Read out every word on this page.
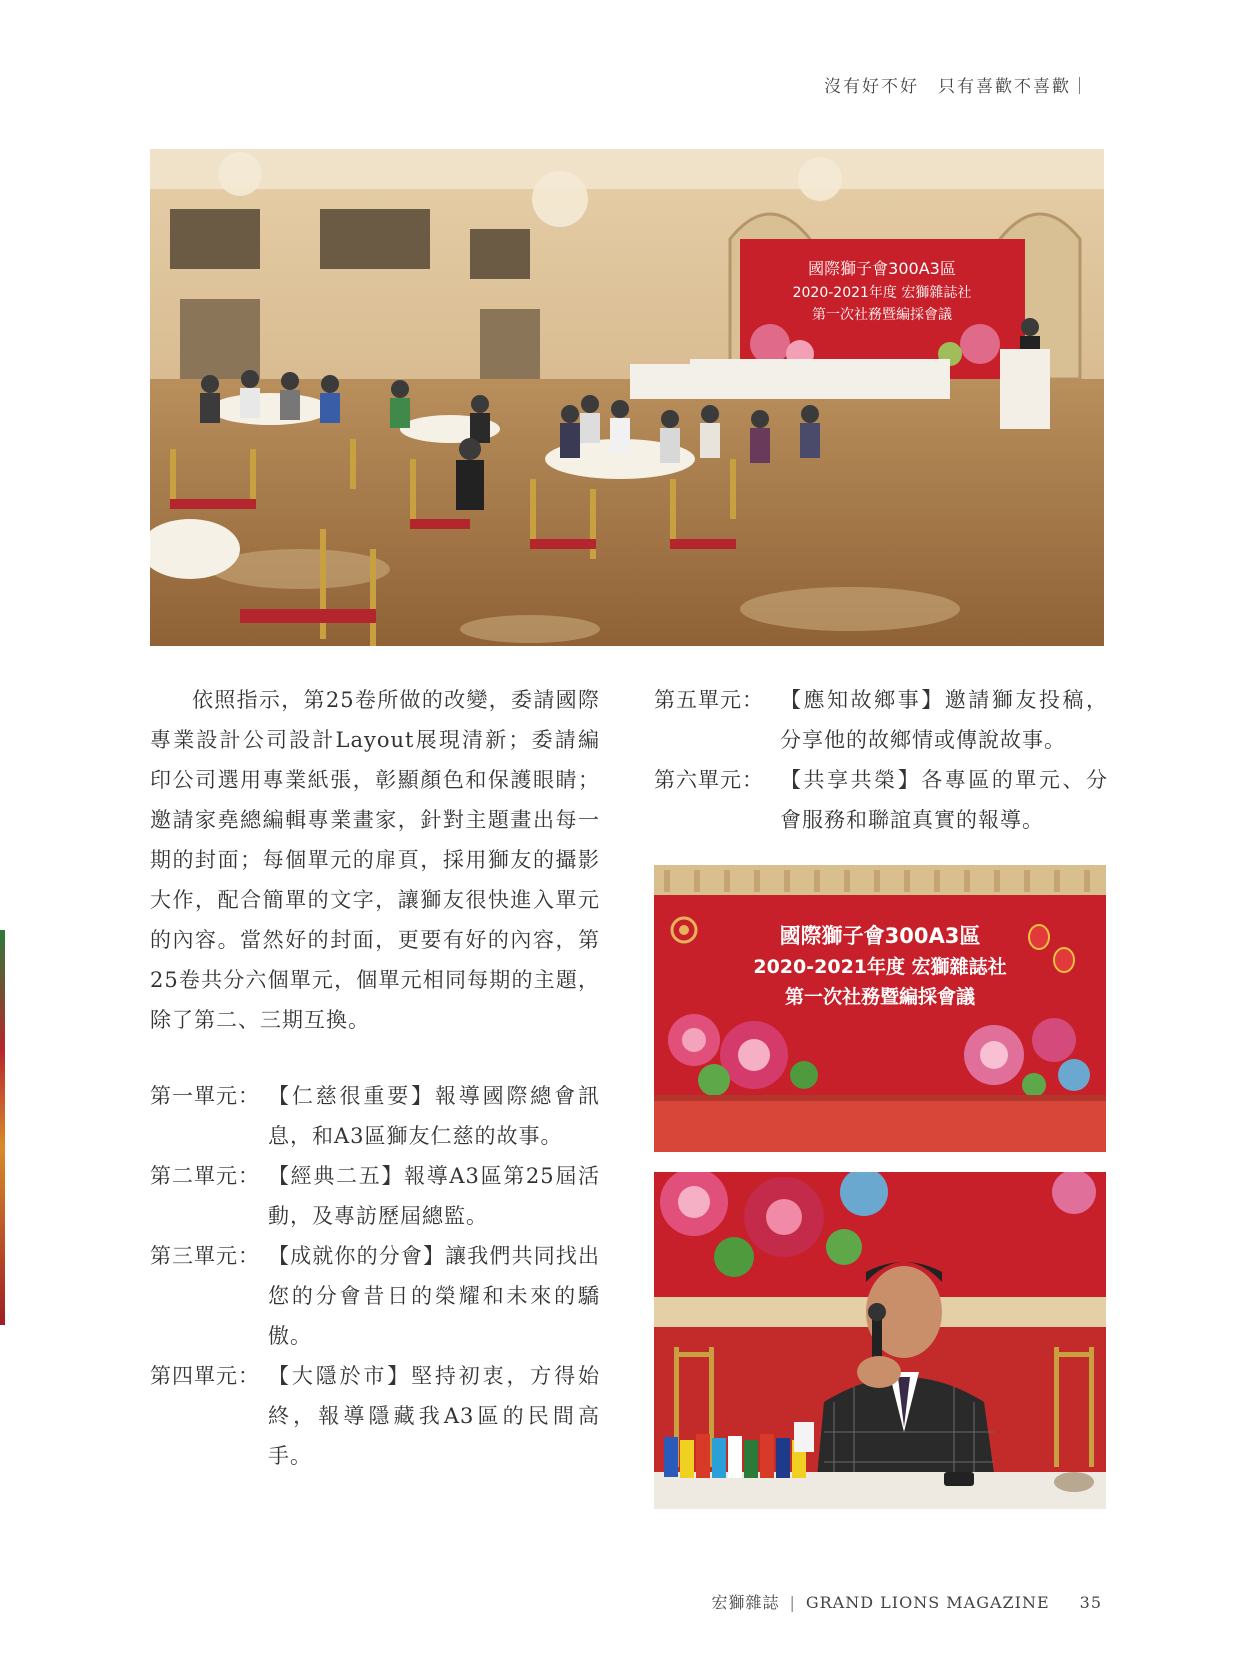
沒有好不好　只有喜歡不喜歡｜
國際獅子會300A3區
2020-2021年度 宏獅雜誌社
第一次社務暨編採會議

依照指示，第25卷所做的改變，委請國際專業設計公司設計Layout展現清新；委請編印公司選用專業紙張，彰顯顏色和保護眼睛；邀請家堯總編輯專業畫家，針對主題畫出每一期的封面；每個單元的扉頁，採用獅友的攝影大作，配合簡單的文字，讓獅友很快進入單元的內容。當然好的封面，更要有好的內容，第25卷共分六個單元，個單元相同每期的主題，除了第二、三期互換。

第一單元： 【仁慈很重要】報導國際總會訊息，和A3區獅友仁慈的故事。
第二單元： 【經典二五】報導A3區第25屆活動，及專訪歷屆總監。
第三單元： 【成就你的分會】讓我們共同找出您的分會昔日的榮耀和未來的驕傲。
第四單元： 【大隱於市】堅持初衷，方得始終，報導隱藏我A3區的民間高手。
第五單元： 【應知故鄉事】邀請獅友投稿，分享他的故鄉情或傳說故事。
第六單元： 【共享共榮】各專區的單元、分會服務和聯誼真實的報導。
國際獅子會300A3區
2020-2021年度 宏獅雜誌社
第一次社務暨編採會議
宏獅雜誌 | GRAND LIONS MAGAZINE 35
